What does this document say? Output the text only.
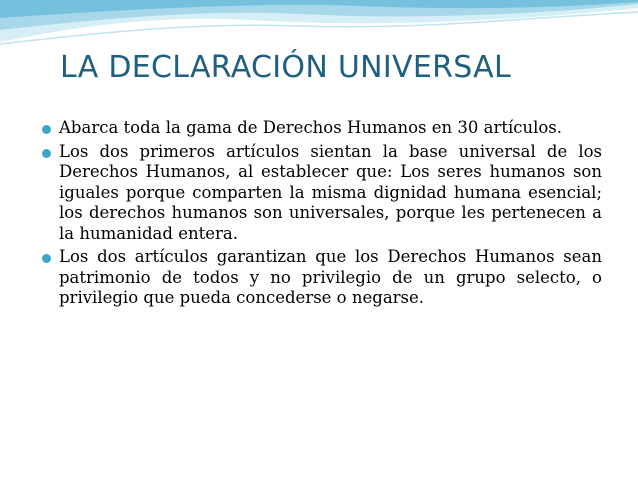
LA DECLARACIÓN UNIVERSAL
Abarca toda la gama de Derechos Humanos en 30 artículos.
Los dos primeros artículos sientan la base universal de los Derechos Humanos, al establecer que: Los seres humanos son iguales porque comparten la misma dignidad humana esencial; los derechos humanos son universales, porque les pertenecen a la humanidad entera.
Los dos artículos garantizan que los Derechos Humanos sean patrimonio de todos y no privilegio de un grupo selecto, o privilegio que pueda concederse o negarse.
